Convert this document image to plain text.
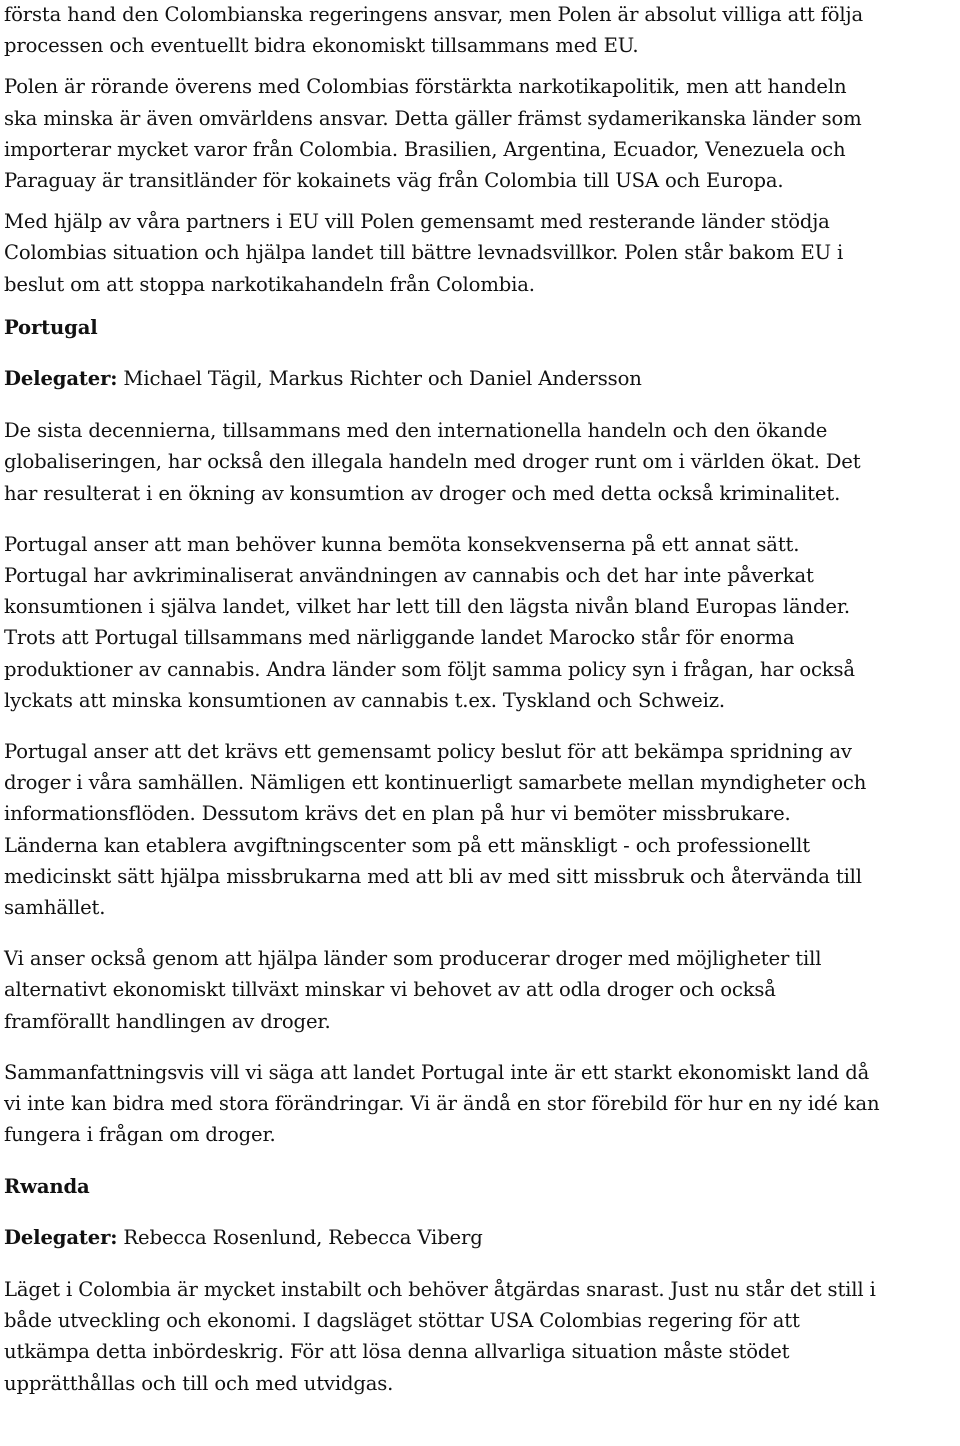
första hand den Colombianska regeringens ansvar, men Polen är absolut villiga att följa
processen och eventuellt bidra ekonomiskt tillsammans med EU.
Polen är rörande överens med Colombias förstärkta narkotikapolitik, men att handeln
ska minska är även omvärldens ansvar. Detta gäller främst sydamerikanska länder som
importerar mycket varor från Colombia. Brasilien, Argentina, Ecuador, Venezuela och
Paraguay är transitländer för kokainets väg från Colombia till USA och Europa.
Med hjälp av våra partners i EU vill Polen gemensamt med resterande länder stödja
Colombias situation och hjälpa landet till bättre levnadsvillkor. Polen står bakom EU i
beslut om att stoppa narkotikahandeln från Colombia.
Portugal
Delegater: Michael Tägil, Markus Richter och Daniel Andersson
De sista decennierna, tillsammans med den internationella handeln och den ökande
globaliseringen, har också den illegala handeln med droger runt om i världen ökat. Det
har resulterat i en ökning av konsumtion av droger och med detta också kriminalitet.
Portugal anser att man behöver kunna bemöta konsekvenserna på ett annat sätt.
Portugal har avkriminaliserat användningen av cannabis och det har inte påverkat
konsumtionen i själva landet, vilket har lett till den lägsta nivån bland Europas länder.
Trots att Portugal tillsammans med närliggande landet Marocko står för enorma
produktioner av cannabis. Andra länder som följt samma policy syn i frågan, har också
lyckats att minska konsumtionen av cannabis t.ex. Tyskland och Schweiz.
Portugal anser att det krävs ett gemensamt policy beslut för att bekämpa spridning av
droger i våra samhällen. Nämligen ett kontinuerligt samarbete mellan myndigheter och
informationsflöden. Dessutom krävs det en plan på hur vi bemöter missbrukare.
Länderna kan etablera avgiftningscenter som på ett mänskligt - och professionellt
medicinskt sätt hjälpa missbrukarna med att bli av med sitt missbruk och återvända till
samhället.
Vi anser också genom att hjälpa länder som producerar droger med möjligheter till
alternativt ekonomiskt tillväxt minskar vi behovet av att odla droger och också
framförallt handlingen av droger.
Sammanfattningsvis vill vi säga att landet Portugal inte är ett starkt ekonomiskt land då
vi inte kan bidra med stora förändringar. Vi är ändå en stor förebild för hur en ny idé kan
fungera i frågan om droger.
Rwanda
Delegater: Rebecca Rosenlund, Rebecca Viberg
Läget i Colombia är mycket instabilt och behöver åtgärdas snarast. Just nu står det still i
både utveckling och ekonomi. I dagsläget stöttar USA Colombias regering för att
utkämpa detta inbördeskrig. För att lösa denna allvarliga situation måste stödet
upprätthållas och till och med utvidgas.
